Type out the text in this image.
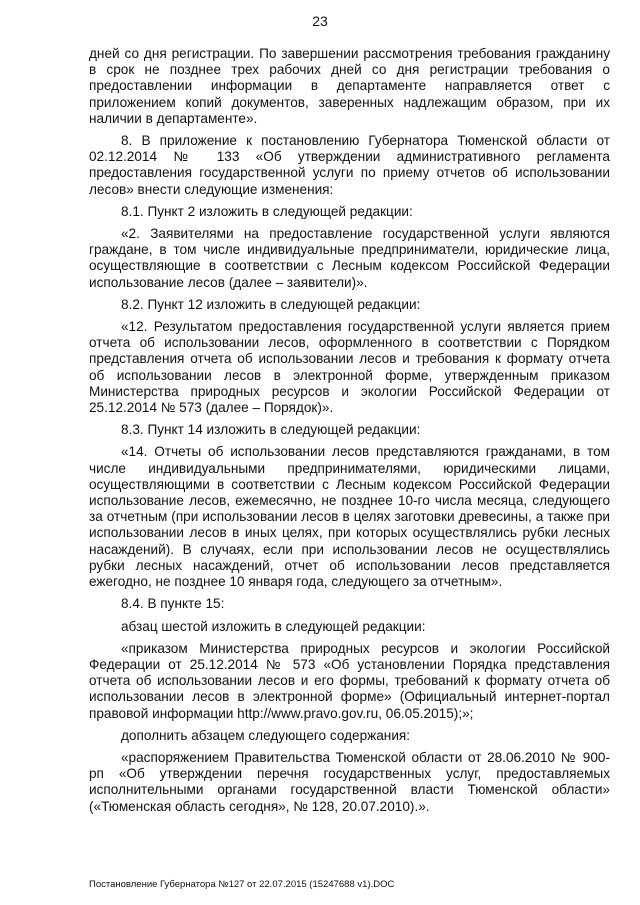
23

дней со дня регистрации. По завершении рассмотрения требования гражданину в срок не позднее трех рабочих дней со дня регистрации требования о предоставлении информации в департаменте направляется ответ с приложением копий документов, заверенных надлежащим образом, при их наличии в департаменте».

8. В приложение к постановлению Губернатора Тюменской области от 02.12.2014 № 133 «Об утверждении административного регламента предоставления государственной услуги по приему отчетов об использовании лесов» внести следующие изменения:

8.1. Пункт 2 изложить в следующей редакции:

«2. Заявителями на предоставление государственной услуги являются граждане, в том числе индивидуальные предприниматели, юридические лица, осуществляющие в соответствии с Лесным кодексом Российской Федерации использование лесов (далее – заявители)».

8.2. Пункт 12 изложить в следующей редакции:

«12. Результатом предоставления государственной услуги является прием отчета об использовании лесов, оформленного в соответствии с Порядком представления отчета об использовании лесов и требования к формату отчета об использовании лесов в электронной форме, утвержденным приказом Министерства природных ресурсов и экологии Российской Федерации от 25.12.2014 № 573 (далее – Порядок)».

8.3. Пункт 14 изложить в следующей редакции:

«14. Отчеты об использовании лесов представляются гражданами, в том числе индивидуальными предпринимателями, юридическими лицами, осуществляющими в соответствии с Лесным кодексом Российской Федерации использование лесов, ежемесячно, не позднее 10-го числа месяца, следующего за отчетным (при использовании лесов в целях заготовки древесины, а также при использовании лесов в иных целях, при которых осуществлялись рубки лесных насаждений). В случаях, если при использовании лесов не осуществлялись рубки лесных насаждений, отчет об использовании лесов представляется ежегодно, не позднее 10 января года, следующего за отчетным».

8.4. В пункте 15:

абзац шестой изложить в следующей редакции:

«приказом Министерства природных ресурсов и экологии Российской Федерации от 25.12.2014 № 573 «Об установлении Порядка представления отчета об использовании лесов и его формы, требований к формату отчета об использовании лесов в электронной форме» (Официальный интернет-портал правовой информации http://www.pravo.gov.ru, 06.05.2015);»;

дополнить абзацем следующего содержания:

«распоряжением Правительства Тюменской области от 28.06.2010 № 900-рп «Об утверждении перечня государственных услуг, предоставляемых исполнительными органами государственной власти Тюменской области» («Тюменская область сегодня», № 128, 20.07.2010).».

Постановление Губернатора №127 от 22.07.2015 (15247688 v1).DOC
